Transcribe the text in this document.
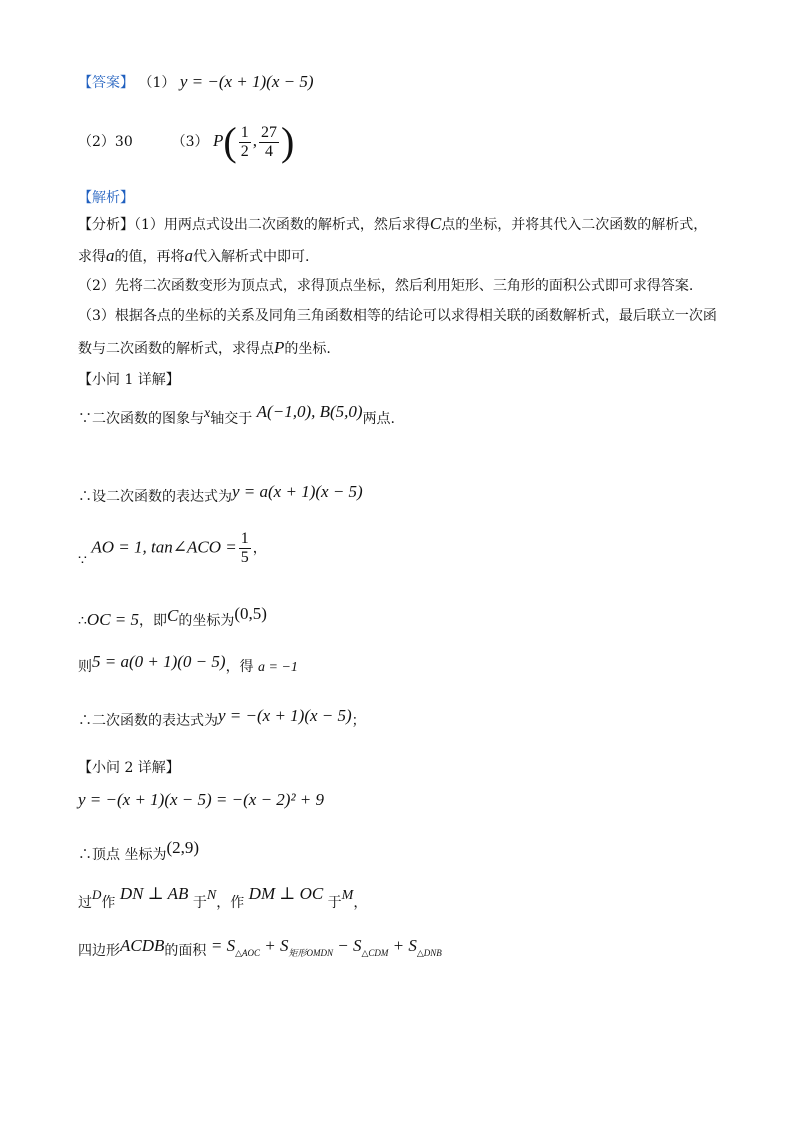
【答案】 （1） y = −(x + 1)(x − 5)
（2）30	（3） $P( \frac{1}{2}$ , $\frac{27}{4}$ )
【解析】
【分析】（1）用两点式设出二次函数的解析式，然后求得C点的坐标，并将其代入二次函数的解析式，
求得a的值，再将a代入解析式中即可.
（2）先将二次函数变形为顶点式，求得顶点坐标，然后利用矩形、三角形的面积公式即可求得答案.
（3）根据各点的坐标的关系及同角三角函数相等的结论可以求得相关联的函数解析式，最后联立一次函
数与二次函数的解析式，求得点P的坐标.
【小问 1 详解】
∵二次函数的图象与x轴交于 A(−1,0), B(5,0)两点.
∴设二次函数的表达式为y = a(x + 1)(x − 5)
∵ AO = 1, tan∠ACO = $\frac{1}{5}$ ，
∴OC = 5，即C的坐标为(0,5)
则5 = a(0 + 1)(0 − 5)，得 a = −1
∴二次函数的表达式为y = −(x + 1)(x − 5)；
【小问 2 详解】
y = −(x + 1)(x − 5) = −(x − 2)² + 9
∴顶点 坐标为(2,9)
过D作 DN ⊥ AB 于N，作 DM ⊥ OC 于M，
四边形ACDB的面积 = $S_{\triangle AOC} + S_{矩形OMDN} - S_{\triangle CDM} + S_{\triangle DNB}$
